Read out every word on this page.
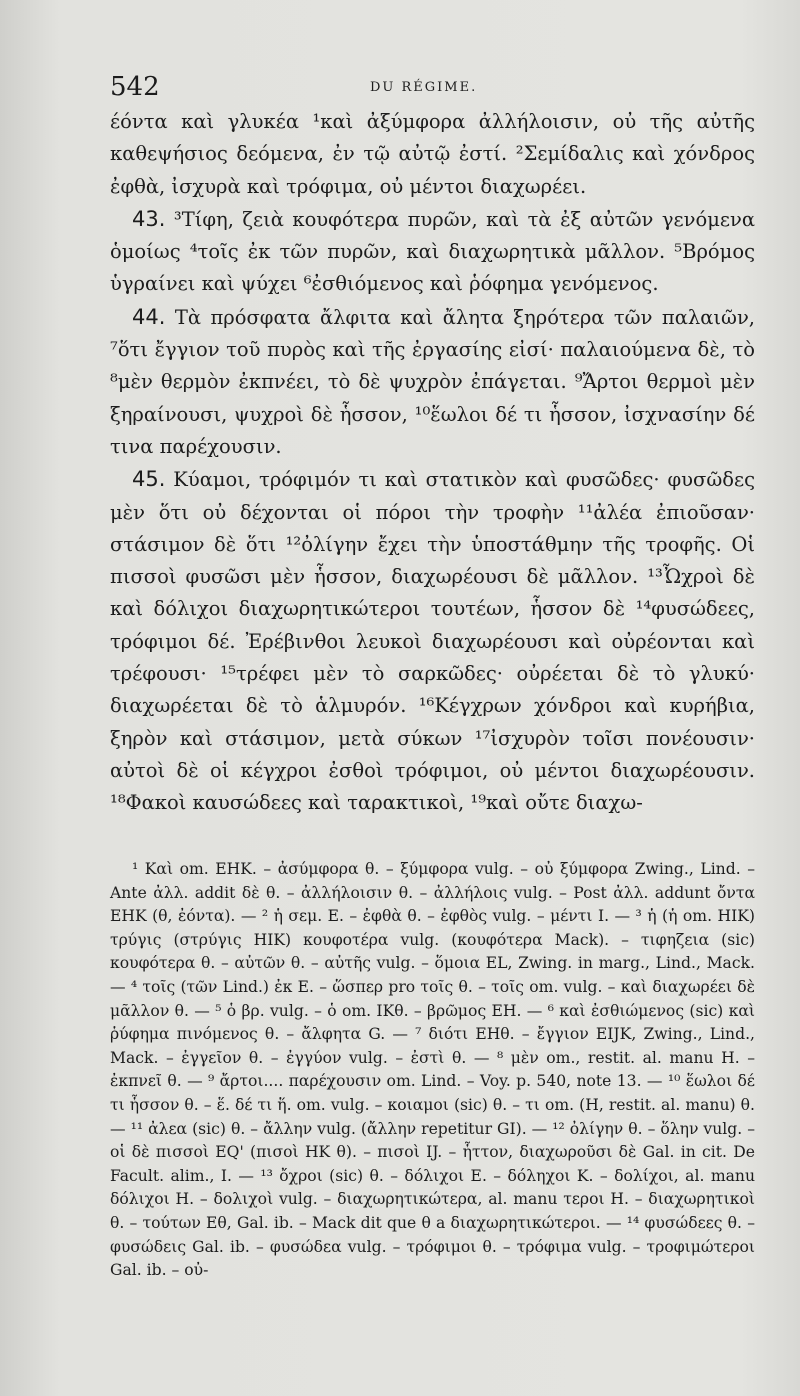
542	DU RÉGIME.

έόντα καὶ γλυκέα ¹καὶ ἀξύμφορα ἀλλήλοισιν, οὐ τῆς αὐτῆς καθεψήσιος δεόμενα, ἐν τῷ αὐτῷ ἐστί. ²Σεμίδαλις καὶ χόνδρος ἐφθὰ, ἰσχυρὰ καὶ τρόφιμα, οὐ μέντοι διαχωρέει.

43. ³Τίφη, ζειὰ κουφότερα πυρῶν, καὶ τὰ ἐξ αὐτῶν γενόμενα ὁμοίως ⁴τοῖς ἐκ τῶν πυρῶν, καὶ διαχωρητικὰ μᾶλλον. ⁵Βρόμος ὑγραίνει καὶ ψύχει ⁶ἐσθιόμενος καὶ ῥόφημα γενόμενος.

44. Τὰ πρόσφατα ἄλφιτα καὶ ἄλητα ξηρότερα τῶν παλαιῶν, ⁷ὅτι ἔγγιον τοῦ πυρὸς καὶ τῆς ἐργασίης εἰσί· παλαιούμενα δὲ, τὸ ⁸μὲν θερμὸν ἐκπνέει, τὸ δὲ ψυχρὸν ἐπάγεται. ⁹Ἄρτοι θερμοὶ μὲν ξηραίνουσι, ψυχροὶ δὲ ἧσσον, ¹⁰ἕωλοι δέ τι ἧσσον, ἰσχνασίην δέ τινα παρέχουσιν.

45. Κύαμοι, τρόφιμόν τι καὶ στατικὸν καὶ φυσῶδες· φυσῶδες μὲν ὅτι οὐ δέχονται οἱ πόροι τὴν τροφὴν ¹¹ἀλέα ἐπιοῦσαν· στάσιμον δὲ ὅτι ¹²ὀλίγην ἔχει τὴν ὑποστάθμην τῆς τροφῆς. Οἱ πισσοὶ φυσῶσι μὲν ἧσσον, διαχωρέουσι δὲ μᾶλλον. ¹³Ὦχροὶ δὲ καὶ δόλιχοι διαχωρητικώτεροι τουτέων, ἧσσον δὲ ¹⁴φυσώδεες, τρόφιμοι δέ. Ἐρέβινθοι λευκοὶ διαχωρέουσι καὶ οὐρέονται καὶ τρέφουσι· ¹⁵τρέφει μὲν τὸ σαρκῶδες· οὐρέεται δὲ τὸ γλυκύ· διαχωρέεται δὲ τὸ ἁλμυρόν. ¹⁶Κέγχρων χόνδροι καὶ κυρήβια, ξηρὸν καὶ στάσιμον, μετὰ σύκων ¹⁷ἰσχυρὸν τοῖσι πονέουσιν· αὐτοὶ δὲ οἱ κέγχροι ἐσθοὶ τρόφιμοι, οὐ μέντοι διαχωρέουσιν. ¹⁸Φακοὶ καυσώδεες καὶ ταρακτικοὶ, ¹⁹καὶ οὔτε διαχω-

¹ Καὶ om. EHK. – ἀσύμφορα θ. – ξύμφορα vulg. – οὐ ξύμφορα Zwing., Lind. – Ante ἀλλ. addit δὲ θ. – ἀλλήλοισιν θ. – ἀλλήλοις vulg. – Post ἀλλ. addunt ὄντα EHK (θ, ἐόντα). — ² ἡ σεμ. E. – ἐφθὰ θ. – ἐφθὸς vulg. – μέντι I. — ³ ἡ (ἡ om. HIK) τρύγις (στρύγις HIK) κουφοτέρα vulg. (κουφότερα Mack). – τιφηζεια (sic) κουφότερα θ. – αὐτῶν θ. – αὐτῆς vulg. – ὅμοια EL, Zwing. in marg., Lind., Mack. — ⁴ τοῖς (τῶν Lind.) ἐκ E. – ὥσπερ pro τοῖς θ. – τοῖς om. vulg. – καὶ διαχωρέει δὲ μᾶλλον θ. — ⁵ ὁ βρ. vulg. – ὁ om. IKθ. – βρῶμος EH. — ⁶ καὶ ἐσθιώμενος (sic) καὶ ῥύφημα πινόμενος θ. – ἄλφητα G. — ⁷ διότι EHθ. – ἔγγιον EIJK, Zwing., Lind., Mack. – ἐγγεῖον θ. – ἐγγύον vulg. – ἐστὶ θ. — ⁸ μὲν om., restit. al. manu H. – ἐκπνεῖ θ. — ⁹ ἄρτοι.... παρέχουσιν om. Lind. – Voy. p. 540, note 13. — ¹⁰ ἕωλοι δέ τι ἧσσον θ. – ἕ. δέ τι ἥ. om. vulg. – κοιαμοι (sic) θ. – τι om. (H, restit. al. manu) θ. — ¹¹ ἀλεα (sic) θ. – ἄλλην vulg. (ἄλλην repetitur GI). — ¹² ὀλίγην θ. – ὅλην vulg. – οἱ δὲ πισσοὶ EQ' (πισοὶ HK θ). – πισοὶ IJ. – ἧττον, διαχωροῦσι δὲ Gal. in cit. De Facult. alim., I. — ¹³ ὄχροι (sic) θ. – δόλιχοι E. – δόληχοι K. – δολίχοι, al. manu δόλιχοι H. – δολιχοὶ vulg. – διαχωρητικώτερα, al. manu τεροι H. – διαχωρητικοὶ θ. – τούτων Eθ, Gal. ib. – Mack dit que θ a διαχωρητικώτεροι. — ¹⁴ φυσώδεες θ. – φυσώδεις Gal. ib. – φυσώδεα vulg. – τρόφιμοι θ. – τρόφιμα vulg. – τροφιμώτεροι Gal. ib. – οὐ-
